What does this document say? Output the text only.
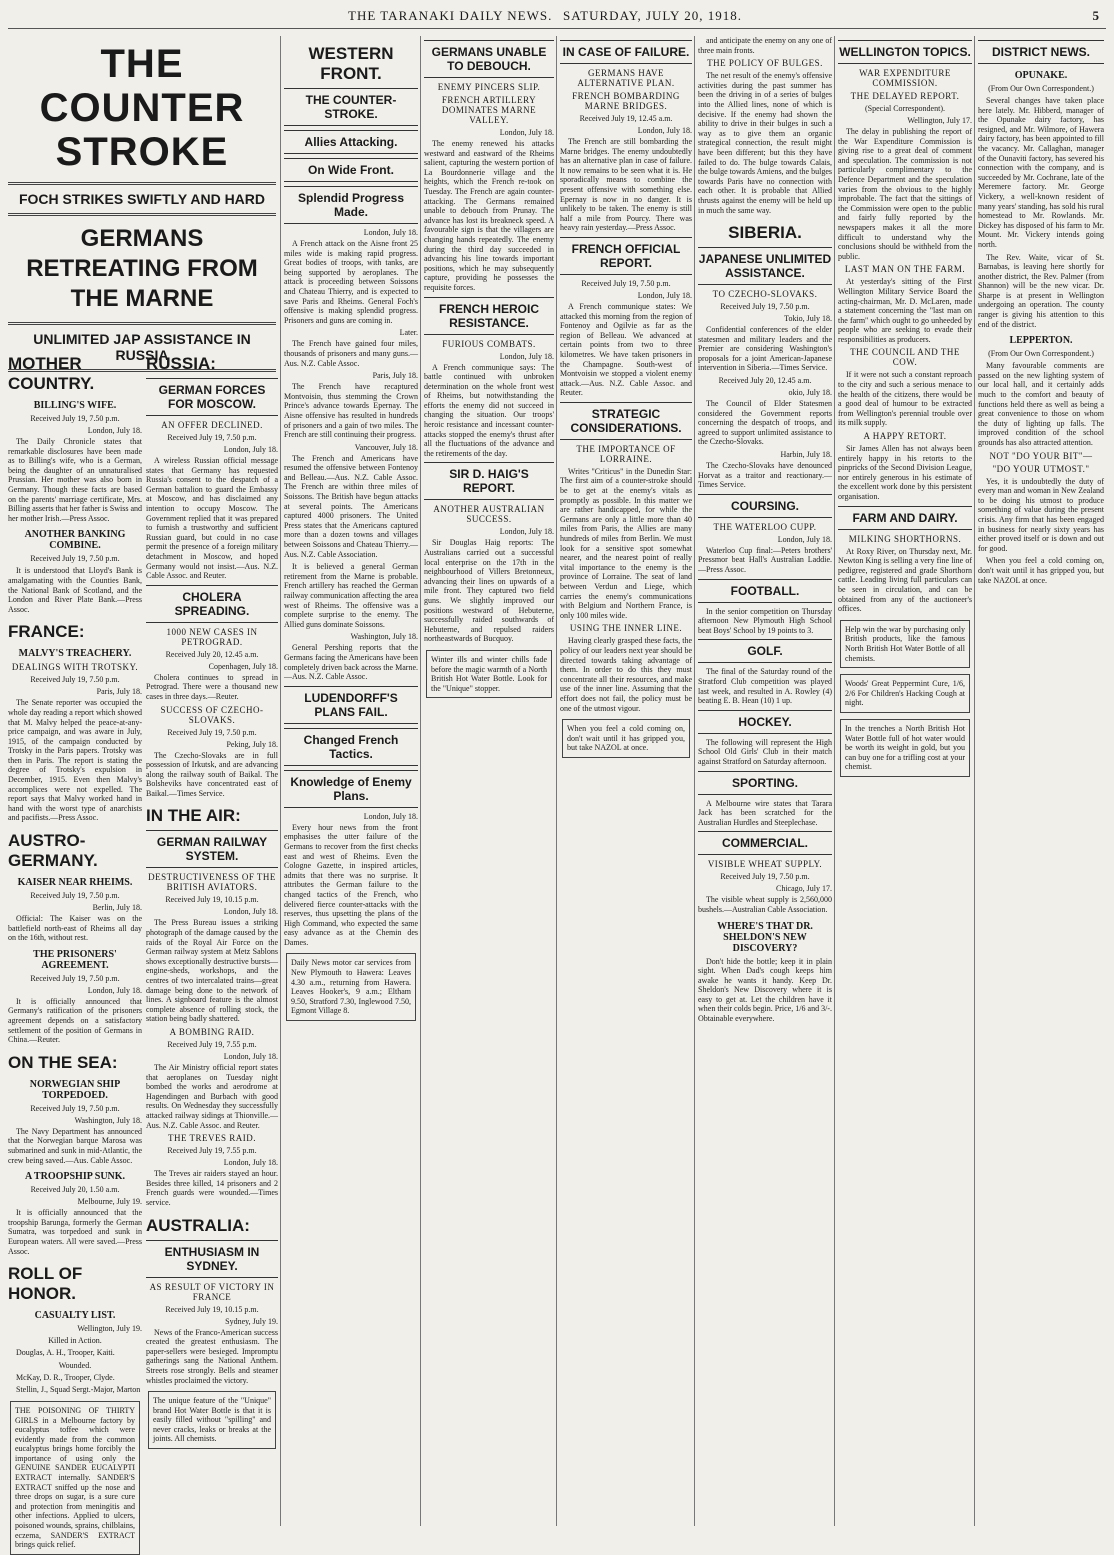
THE TARANAKI DAILY NEWS. SATURDAY, JULY 20, 1918.	5
THE COUNTER STROKE
FOCH STRIKES SWIFTLY AND HARD
GERMANS RETREATING FROM THE MARNE
UNLIMITED JAP ASSISTANCE IN RUSSIA
MOTHER COUNTRY.
BILLING'S WIFE.
Received July 19, 7.50 p.m.
London, July 18.

The Daily Chronicle states that remarkable disclosures have been made as to Billing's wife, who is a German, being the daughter of an unnaturalised Prussian. Her mother was also born in Germany. Though these facts are based on the parents' marriage certificate, Mrs. Billing asserts that her father is Swiss and her mother Irish.—Press Assoc.

ANOTHER BANKING COMBINE.
Received July 19, 7.50 p.m.

It is understood that Lloyd's Bank is amalgamating with the Counties Bank, the National Bank of Scotland, and the London and River Plate Bank.—Press Assoc.

FRANCE:
MALVY'S TREACHERY.
DEALINGS WITH TROTSKY.
Received July 19, 7.50 p.m.
Paris, July 18.

The Senate reporter was occupied the whole day reading a report which showed that M. Malvy helped the peace-at-any-price campaign, and was aware in July, 1915, of the campaign conducted by Trotsky in the Paris papers. Trotsky was then in Paris. The report is stating the degree of Trotsky's expulsion in December, 1915. Even then Malvy's accomplices were not expelled. The report says that Malvy worked hand in hand with the worst type of anarchists and pacifists.—Press Assoc.

AUSTRO-GERMANY.
KAISER NEAR RHEIMS.
Received July 19, 7.50 p.m.
Berlin, July 18.

Official: The Kaiser was on the battlefield north-east of Rheims all day on the 16th, without rest.

THE PRISONERS' AGREEMENT.
Received July 19, 7.50 p.m.
London, July 18.

It is officially announced that Germany's ratification of the prisoners agreement depends on a satisfactory settlement of the position of Germans in China.—Reuter.

ON THE SEA:
NORWEGIAN SHIP TORPEDOED.
Received July 19, 7.50 p.m.
Washington, July 18.

The Navy Department has announced that the Norwegian barque Marosa was submarined and sunk in mid-Atlantic, the crew being saved.—Aus. Cable Assoc.

A TROOPSHIP SUNK.
Received July 20, 1.50 a.m.
Melbourne, July 19.

It is officially announced that the troopship Barunga, formerly the German Sumatra, was torpedoed and sunk in European waters. All were saved.—Press Assoc.

ROLL OF HONOR.
CASUALTY LIST.
Wellington, July 19.
Killed in Action.

Douglas, A. H., Trooper, Kaiti.

Wounded.

McKay, D. R., Trooper, Clyde.

Stellin, J., Squad Sergt.-Major, Marton

THE POISONING OF THIRTY GIRLS in a Melbourne factory by eucalyptus toffee which were evidently made from the common eucalyptus brings home forcibly the importance of using only the GENUINE SANDER EUCALYPTI EXTRACT internally. SANDER'S EXTRACT sniffed up the nose and three drops on sugar, is a sure cure and protection from meningitis and other infections. Applied to ulcers, poisoned wounds, sprains, chilblains, eczema, SANDER'S EXTRACT brings quick relief.
RUSSIA:
GERMAN FORCES FOR MOSCOW.
AN OFFER DECLINED.
Received July 19, 7.50 p.m.
London, July 18.

A wireless Russian official message states that Germany has requested Russia's consent to the despatch of a German battalion to guard the Embassy at Moscow, and has disclaimed any intention to occupy Moscow. The Government replied that it was prepared to furnish a trustworthy and sufficient Russian guard, but could in no case permit the presence of a foreign military detachment in Moscow, and hoped Germany would not insist.—Aus. N.Z. Cable Assoc. and Reuter.

CHOLERA SPREADING.
1000 NEW CASES IN PETROGRAD.
Received July 20, 12.45 a.m.
Copenhagen, July 18.

Cholera continues to spread in Petrograd. There were a thousand new cases in three days.—Reuter.

SUCCESS OF CZECHO-SLOVAKS.
Received July 19, 7.50 p.m.
Peking, July 18.

The Czecho-Slovaks are in full possession of Irkutsk, and are advancing along the railway south of Baikal. The Bolsheviks have concentrated east of Baikal.—Times Service.

IN THE AIR:
GERMAN RAILWAY SYSTEM.
DESTRUCTIVENESS OF THE BRITISH AVIATORS.
Received July 19, 10.15 p.m.
London, July 18.

The Press Bureau issues a striking photograph of the damage caused by the raids of the Royal Air Force on the German railway system at Metz Sablons shows exceptionally destructive bursts—engine-sheds, workshops, and the centres of two intercalated trains—great damage being done to the network of lines. A signboard feature is the almost complete absence of rolling stock, the station being badly shattered.

A BOMBING RAID.
Received July 19, 7.55 p.m.
London, July 18.

The Air Ministry official report states that aeroplanes on Tuesday night bombed the works and aerodrome at Hagendingen and Burbach with good results. On Wednesday they successfully attacked railway sidings at Thionville.—Aus. N.Z. Cable Assoc. and Reuter.

THE TREVES RAID.
Received July 19, 7.55 p.m.
London, July 18.

The Treves air raiders stayed an hour. Besides three killed, 14 prisoners and 2 French guards were wounded.—Times service.

AUSTRALIA:
ENTHUSIASM IN SYDNEY.
AS RESULT OF VICTORY IN FRANCE
Received July 19, 10.15 p.m.
Sydney, July 19.

News of the Franco-American success created the greatest enthusiasm. The paper-sellers were besieged. Impromptu gatherings sang the National Anthem. Streets rose strongly. Bells and steamer whistles proclaimed the victory.

The unique feature of the "Unique" brand Hot Water Bottle is that it is easily filled without "spilling" and never cracks, leaks or breaks at the joints. All chemists.
WESTERN FRONT.
THE COUNTER-STROKE.
Allies Attacking.
On Wide Front.
Splendid Progress Made.
London, July 18.

A French attack on the Aisne front 25 miles wide is making rapid progress. Great bodies of troops, with tanks, are being supported by aeroplanes. The attack is proceeding between Soissons and Chateau Thierry, and is expected to save Paris and Rheims. General Foch's offensive is making splendid progress. Prisoners and guns are coming in.

Later.

The French have gained four miles, thousands of prisoners and many guns.—Aus. N.Z. Cable Assoc.

Paris, July 18.

The French have recaptured Montvoisin, thus stemming the Crown Prince's advance towards Epernay. The Aisne offensive has resulted in hundreds of prisoners and a gain of two miles. The French are still continuing their progress.

Vancouver, July 18.

The French and Americans have resumed the offensive between Fontenoy and Belleau.—Aus. N.Z. Cable Assoc. The French are within three miles of Soissons. The British have begun attacks at several points. The Americans captured 4000 prisoners. The United Press states that the Americans captured more than a dozen towns and villages between Soissons and Chateau Thierry.—Aus. N.Z. Cable Association.

It is believed a general German retirement from the Marne is probable. French artillery has reached the German railway communication affecting the area west of Rheims. The offensive was a complete surprise to the enemy. The Allied guns dominate Soissons.

Washington, July 18.

General Pershing reports that the Germans facing the Americans have been completely driven back across the Marne.—Aus. N.Z. Cable Assoc.

LUDENDORFF'S PLANS FAIL.
Changed French Tactics.
Knowledge of Enemy Plans.
London, July 18.

Every hour news from the front emphasises the utter failure of the Germans to recover from the first checks east and west of Rheims. Even the Cologne Gazette, in inspired articles, admits that there was no surprise. It attributes the German failure to the changed tactics of the French, who delivered fierce counter-attacks with the reserves, thus upsetting the plans of the High Command, who expected the same easy advance as at the Chemin des Dames.

Daily News motor car services from New Plymouth to Hawera: Leaves 4.30 a.m., returning from Hawera. Leaves Hooker's, 9 a.m.; Eltham 9.50, Stratford 7.30, Inglewood 7.50, Egmont Village 8.
GERMANS UNABLE TO DEBOUCH.
ENEMY PINCERS SLIP.
FRENCH ARTILLERY DOMINATES MARNE VALLEY.
London, July 18.

The enemy renewed his attacks westward and eastward of the Rheims salient, capturing the western portion of La Bourdonnerie village and the heights, which the French re-took on Tuesday. The French are again counter-attacking. The Germans remained unable to debouch from Prunay. The advance has lost its breakneck speed. A favourable sign is that the villagers are changing hands repeatedly. The enemy during the third day succeeded in advancing his line towards important positions, which he may subsequently capture, providing he possesses the requisite forces.

FRENCH HEROIC RESISTANCE.
FURIOUS COMBATS.
London, July 18.

A French communique says: The battle continued with unbroken determination on the whole front west of Rheims, but notwithstanding the efforts the enemy did not succeed in changing the situation. Our troops' heroic resistance and incessant counter-attacks stopped the enemy's thrust after all the fluctuations of the advance and the retirements of the day.

SIR D. HAIG'S REPORT.
ANOTHER AUSTRALIAN SUCCESS.
London, July 18.

Sir Douglas Haig reports: The Australians carried out a successful local enterprise on the 17th in the neighbourhood of Villers Bretonneux, advancing their lines on upwards of a mile front. They captured two field guns. We slightly improved our positions westward of Hebuterne, successfully raided southwards of Hebuterne, and repulsed raiders northeastwards of Bucquoy.

Winter ills and winter chills fade before the magic warmth of a North British Hot Water Bottle. Look for the "Unique" stopper.
IN CASE OF FAILURE.
GERMANS HAVE ALTERNATIVE PLAN.
FRENCH BOMBARDING MARNE BRIDGES.
Received July 19, 12.45 a.m.
London, July 18.

The French are still bombarding the Marne bridges. The enemy undoubtedly has an alternative plan in case of failure. It now remains to be seen what it is. He sporadically means to combine the present offensive with something else. Epernay is now in no danger. It is unlikely to be taken. The enemy is still half a mile from Pourcy. There was heavy rain yesterday.—Press Assoc.

FRENCH OFFICIAL REPORT.
Received July 19, 7.50 p.m.
London, July 18.

A French communique states: We attacked this morning from the region of Fontenoy and Ogilvie as far as the region of Belleau. We advanced at certain points from two to three kilometres. We have taken prisoners in the Champagne. South-west of Montvoisin we stopped a violent enemy attack.—Aus. N.Z. Cable Assoc. and Reuter.

STRATEGIC CONSIDERATIONS.
THE IMPORTANCE OF LORRAINE.

Writes "Criticus" in the Dunedin Star: The first aim of a counter-stroke should be to get at the enemy's vitals as promptly as possible. In this matter we are rather handicapped, for while the Germans are only a little more than 40 miles from Paris, the Allies are many hundreds of miles from Berlin. We must look for a sensitive spot somewhat nearer, and the nearest point of really vital importance to the enemy is the province of Lorraine. The seat of land between Verdun and Liege, which carries the enemy's communications with Belgium and Northern France, is only 100 miles wide.

USING THE INNER LINE.

Having clearly grasped these facts, the policy of our leaders next year should be directed towards taking advantage of them. In order to do this they must concentrate all their resources, and make use of the inner line. Assuming that the effort does not fail, the policy must be one of the utmost vigour.

When you feel a cold coming on, don't wait until it has gripped you, but take NAZOL at once.

and anticipate the enemy on any one of three main fronts.

THE POLICY OF BULGES.

The net result of the enemy's offensive activities during the past summer has been the driving in of a series of bulges into the Allied lines, none of which is decisive. If the enemy had shown the ability to drive in their bulges in such a way as to give them an organic strategical connection, the result might have been different; but this they have failed to do. The bulge towards Calais, the bulge towards Amiens, and the bulges towards Paris have no connection with each other. It is probable that Allied thrusts against the enemy will be held up in much the same way.

SIBERIA.
JAPANESE UNLIMITED ASSISTANCE.
TO CZECHO-SLOVAKS.
Received July 19, 7.50 p.m.
Tokio, July 18.

Confidential conferences of the elder statesmen and military leaders and the Premier are considering Washington's proposals for a joint American-Japanese intervention in Siberia.—Times Service.

Received July 20, 12.45 a.m.
okio, July 18.

The Council of Elder Statesmen considered the Government reports concerning the despatch of troops, and agreed to support unlimited assistance to the Czecho-Slovaks.

Harbin, July 18.

The Czecho-Slovaks have denounced Horvat as a traitor and reactionary.—Times Service.

COURSING.
THE WATERLOO CUPP.
London, July 18.

Waterloo Cup final:—Peters brothers' Pressmor beat Hall's Australian Laddie.—Press Assoc.

FOOTBALL.

In the senior competition on Thursday afternoon New Plymouth High School beat Boys' School by 19 points to 3.

GOLF.

The final of the Saturday round of the Stratford Club competition was played last week, and resulted in A. Rowley (4) beating E. B. Hean (10) 1 up.

HOCKEY.

The following will represent the High School Old Girls' Club in their match against Stratford on Saturday afternoon.

SPORTING.

A Melbourne wire states that Tarara Jack has been scratched for the Australian Hurdles and Steeplechase.

COMMERCIAL.
VISIBLE WHEAT SUPPLY.
Received July 19, 7.50 p.m.
Chicago, July 17.

The visible wheat supply is 2,560,000 bushels.—Australian Cable Association.

WHERE'S THAT DR. SHELDON'S NEW DISCOVERY?

Don't hide the bottle; keep it in plain sight. When Dad's cough keeps him awake he wants it handy. Keep Dr. Sheldon's New Discovery where it is easy to get at. Let the children have it when their colds begin. Price, 1/6 and 3/-. Obtainable everywhere.

WELLINGTON TOPICS.
WAR EXPENDITURE COMMISSION.
THE DELAYED REPORT.
(Special Correspondent).
Wellington, July 17.

The delay in publishing the report of the War Expenditure Commission is giving rise to a great deal of comment and speculation. The commission is not particularly complimentary to the Defence Department and the speculation varies from the obvious to the highly improbable. The fact that the sittings of the Commission were open to the public and fairly fully reported by the newspapers makes it all the more difficult to understand why the conclusions should be withheld from the public.

LAST MAN ON THE FARM.

At yesterday's sitting of the First Wellington Military Service Board the acting-chairman, Mr. D. McLaren, made a statement concerning the "last man on the farm" which ought to go unheeded by people who are seeking to evade their responsibilities as producers.

THE COUNCIL AND THE COW.

If it were not such a constant reproach to the city and such a serious menace to the health of the citizens, there would be a good deal of humour to be extracted from Wellington's perennial trouble over its milk supply.

A HAPPY RETORT.

Sir James Allen has not always been entirely happy in his retorts to the pinpricks of the Second Division League, nor entirely generous in his estimate of the excellent work done by this persistent organisation.

FARM AND DAIRY.
MILKING SHORTHORNS.

At Roxy River, on Thursday next, Mr. Newton King is selling a very fine line of pedigree, registered and grade Shorthorn cattle. Leading living full particulars can be seen in circulation, and can be obtained from any of the auctioneer's offices.

Help win the war by purchasing only British products, like the famous North British Hot Water Bottle of all chemists.
Woods' Great Peppermint Cure, 1/6, 2/6 For Children's Hacking Cough at night.
In the trenches a North British Hot Water Bottle full of hot water would be worth its weight in gold, but you can buy one for a trifling cost at your chemist.
DISTRICT NEWS.
OPUNAKE.
(From Our Own Correspondent.)

Several changes have taken place here lately. Mr. Hibberd, manager of the Opunake dairy factory, has resigned, and Mr. Wilmore, of Hawera dairy factory, has been appointed to fill the vacancy. Mr. Callaghan, manager of the Ounaviti factory, has severed his connection with the company, and is succeeded by Mr. Cochrane, late of the Meremere factory. Mr. George Vickery, a well-known resident of many years' standing, has sold his rural homestead to Mr. Rowlands. Mr. Dickey has disposed of his farm to Mr. Mount. Mr. Vickery intends going north.

The Rev. Waite, vicar of St. Barnabas, is leaving here shortly for another district, the Rev. Palmer (from Shannon) will be the new vicar. Dr. Sharpe is at present in Wellington undergoing an operation. The county ranger is giving his attention to this end of the district.

LEPPERTON.
(From Our Own Correspondent.)

Many favourable comments are passed on the new lighting system of our local hall, and it certainly adds much to the comfort and beauty of functions held there as well as being a great convenience to those on whom the duty of lighting up falls. The improved condition of the school grounds has also attracted attention.

NOT "DO YOUR BIT"—
"DO YOUR UTMOST."

Yes, it is undoubtedly the duty of every man and woman in New Zealand to be doing his utmost to produce something of value during the present crisis. Any firm that has been engaged in business for nearly sixty years has either proved itself or is down and out for good.

When you feel a cold coming on, don't wait until it has gripped you, but take NAZOL at once.
